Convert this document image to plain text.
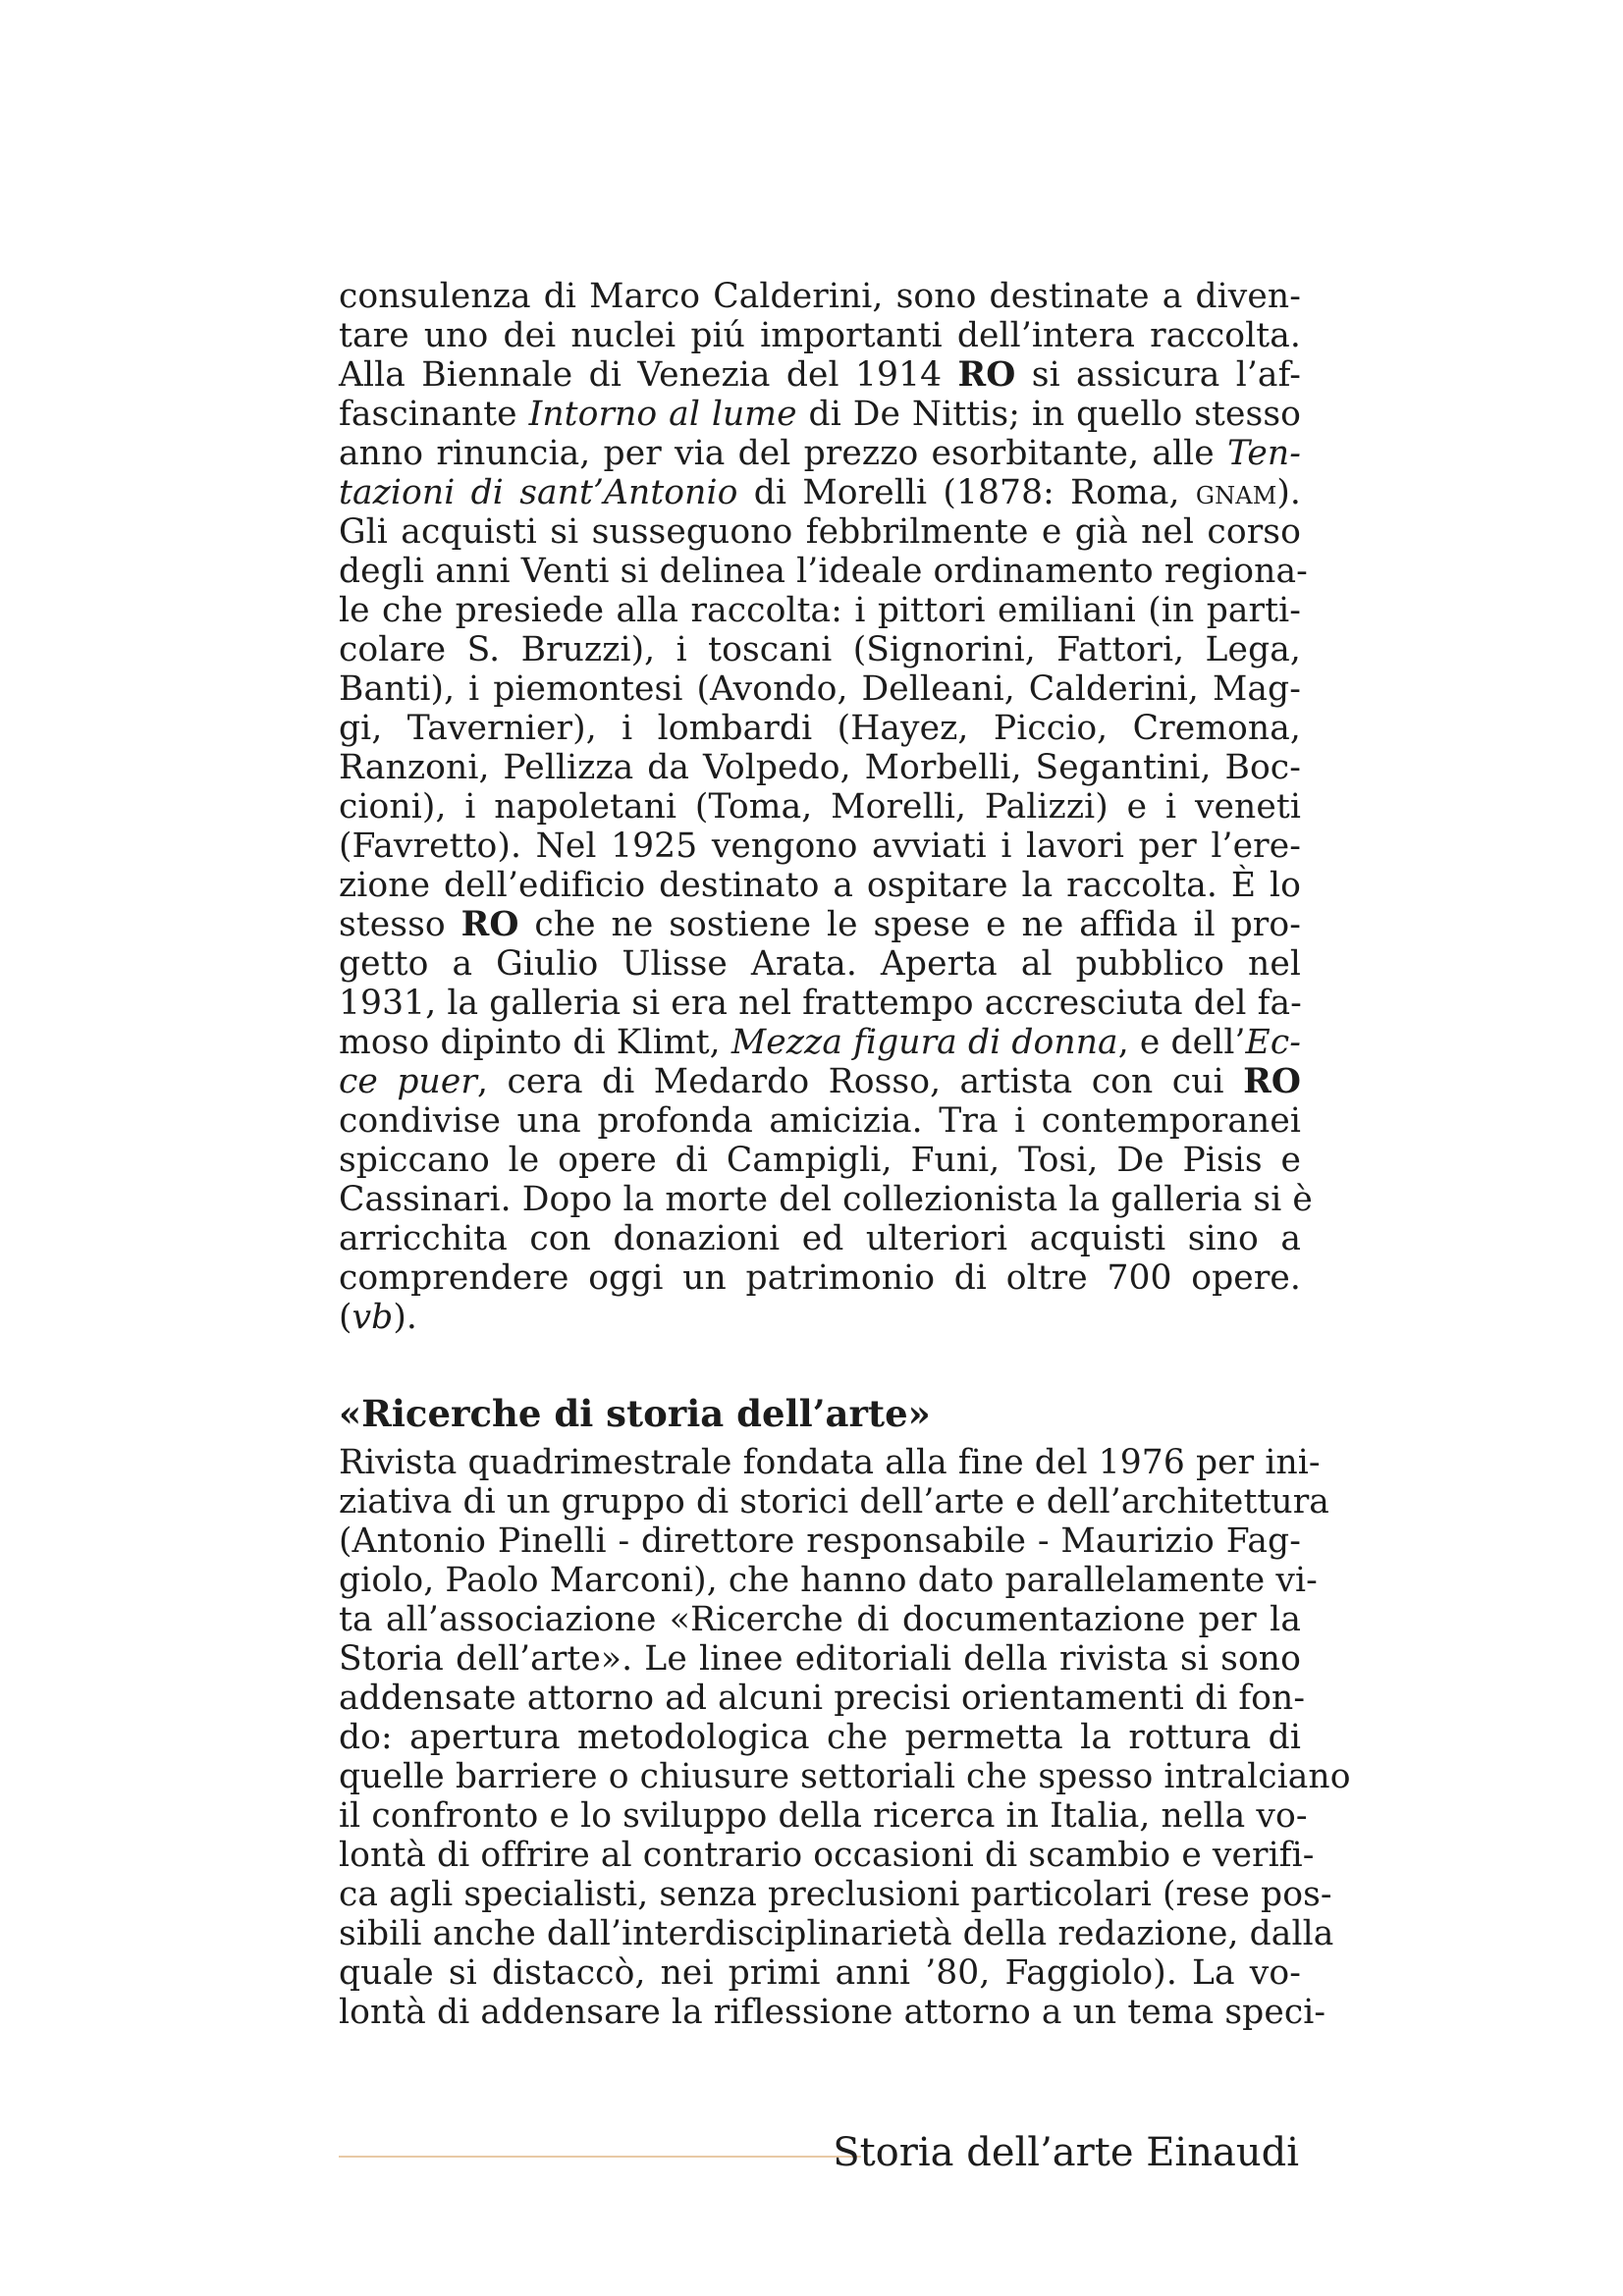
consulenza di Marco Calderini, sono destinate a diven-
tare uno dei nuclei piú importanti dell’intera raccolta.
Alla Biennale di Venezia del 1914 RO si assicura l’af-
fascinante Intorno al lume di De Nittis; in quello stesso
anno rinuncia, per via del prezzo esorbitante, alle Ten-
tazioni di sant’Antonio di Morelli (1878: Roma, gnam).
Gli acquisti si susseguono febbrilmente e già nel corso
degli anni Venti si delinea l’ideale ordinamento regiona-
le che presiede alla raccolta: i pittori emiliani (in parti-
colare S. Bruzzi), i toscani (Signorini, Fattori, Lega,
Banti), i piemontesi (Avondo, Delleani, Calderini, Mag-
gi, Tavernier), i lombardi (Hayez, Piccio, Cremona,
Ranzoni, Pellizza da Volpedo, Morbelli, Segantini, Boc-
cioni), i napoletani (Toma, Morelli, Palizzi) e i veneti
(Favretto). Nel 1925 vengono avviati i lavori per l’ere-
zione dell’edificio destinato a ospitare la raccolta. È lo
stesso RO che ne sostiene le spese e ne affida il pro-
getto a Giulio Ulisse Arata. Aperta al pubblico nel
1931, la galleria si era nel frattempo accresciuta del fa-
moso dipinto di Klimt, Mezza figura di donna, e dell’Ec-
ce puer, cera di Medardo Rosso, artista con cui RO
condivise una profonda amicizia. Tra i contemporanei
spiccano le opere di Campigli, Funi, Tosi, De Pisis e
Cassinari. Dopo la morte del collezionista la galleria si è
arricchita con donazioni ed ulteriori acquisti sino a
comprendere oggi un patrimonio di oltre 700 opere.
(vb).
«Ricerche di storia dell’arte»
Rivista quadrimestrale fondata alla fine del 1976 per ini-
ziativa di un gruppo di storici dell’arte e dell’architettura
(Antonio Pinelli - direttore responsabile - Maurizio Fag-
giolo, Paolo Marconi), che hanno dato parallelamente vi-
ta all’associazione «Ricerche di documentazione per la
Storia dell’arte». Le linee editoriali della rivista si sono
addensate attorno ad alcuni precisi orientamenti di fon-
do: apertura metodologica che permetta la rottura di
quelle barriere o chiusure settoriali che spesso intralciano
il confronto e lo sviluppo della ricerca in Italia, nella vo-
lontà di offrire al contrario occasioni di scambio e verifi-
ca agli specialisti, senza preclusioni particolari (rese pos-
sibili anche dall’interdisciplinarietà della redazione, dalla
quale si distaccò, nei primi anni ’80, Faggiolo). La vo-
lontà di addensare la riflessione attorno a un tema speci-
Storia dell’arte Einaudi
